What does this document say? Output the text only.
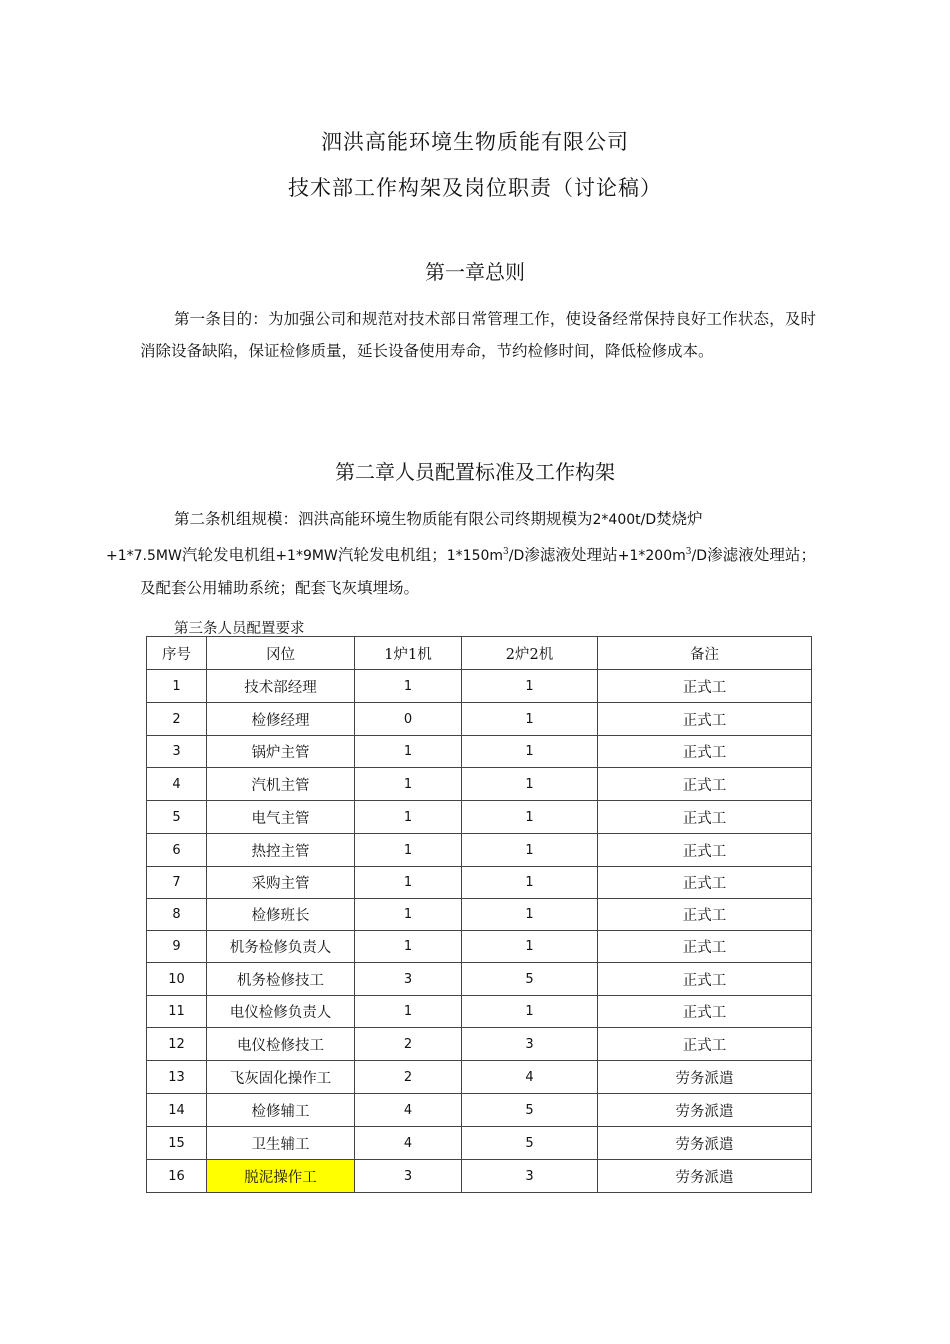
泗洪高能环境生物质能有限公司
技术部工作构架及岗位职责（讨论稿）
第一章总则
第一条目的：为加强公司和规范对技术部日常管理工作，使设备经常保持良好工作状态，及时消除设备缺陷，保证检修质量，延长设备使用寿命，节约检修时间，降低检修成本。
第二章人员配置标准及工作构架
第二条机组规模：泗洪高能环境生物质能有限公司终期规模为2*400t/D焚烧炉
+1*7.5MW汽轮发电机组+1*9MW汽轮发电机组；$1*150m^3/D$渗滤液处理站$+1*200m^3/D$渗滤液处理站；及配套公用辅助系统；配套飞灰填埋场。
第三条人员配置要求
序号	冈位	1炉1机	2炉2机	备注
1	技术部经理	1	1	正式工
2	检修经理	0	1	正式工
3	锅炉主管	1	1	正式工
4	汽机主管	1	1	正式工
5	电气主管	1	1	正式工
6	热控主管	1	1	正式工
7	采购主管	1	1	正式工
8	检修班长	1	1	正式工
9	机务检修负责人	1	1	正式工
10	机务检修技工	3	5	正式工
11	电仪检修负责人	1	1	正式工
12	电仪检修技工	2	3	正式工
13	飞灰固化操作工	2	4	劳务派遣
14	检修辅工	4	5	劳务派遣
15	卫生辅工	4	5	劳务派遣
16	脱泥操作工	3	3	劳务派遣
